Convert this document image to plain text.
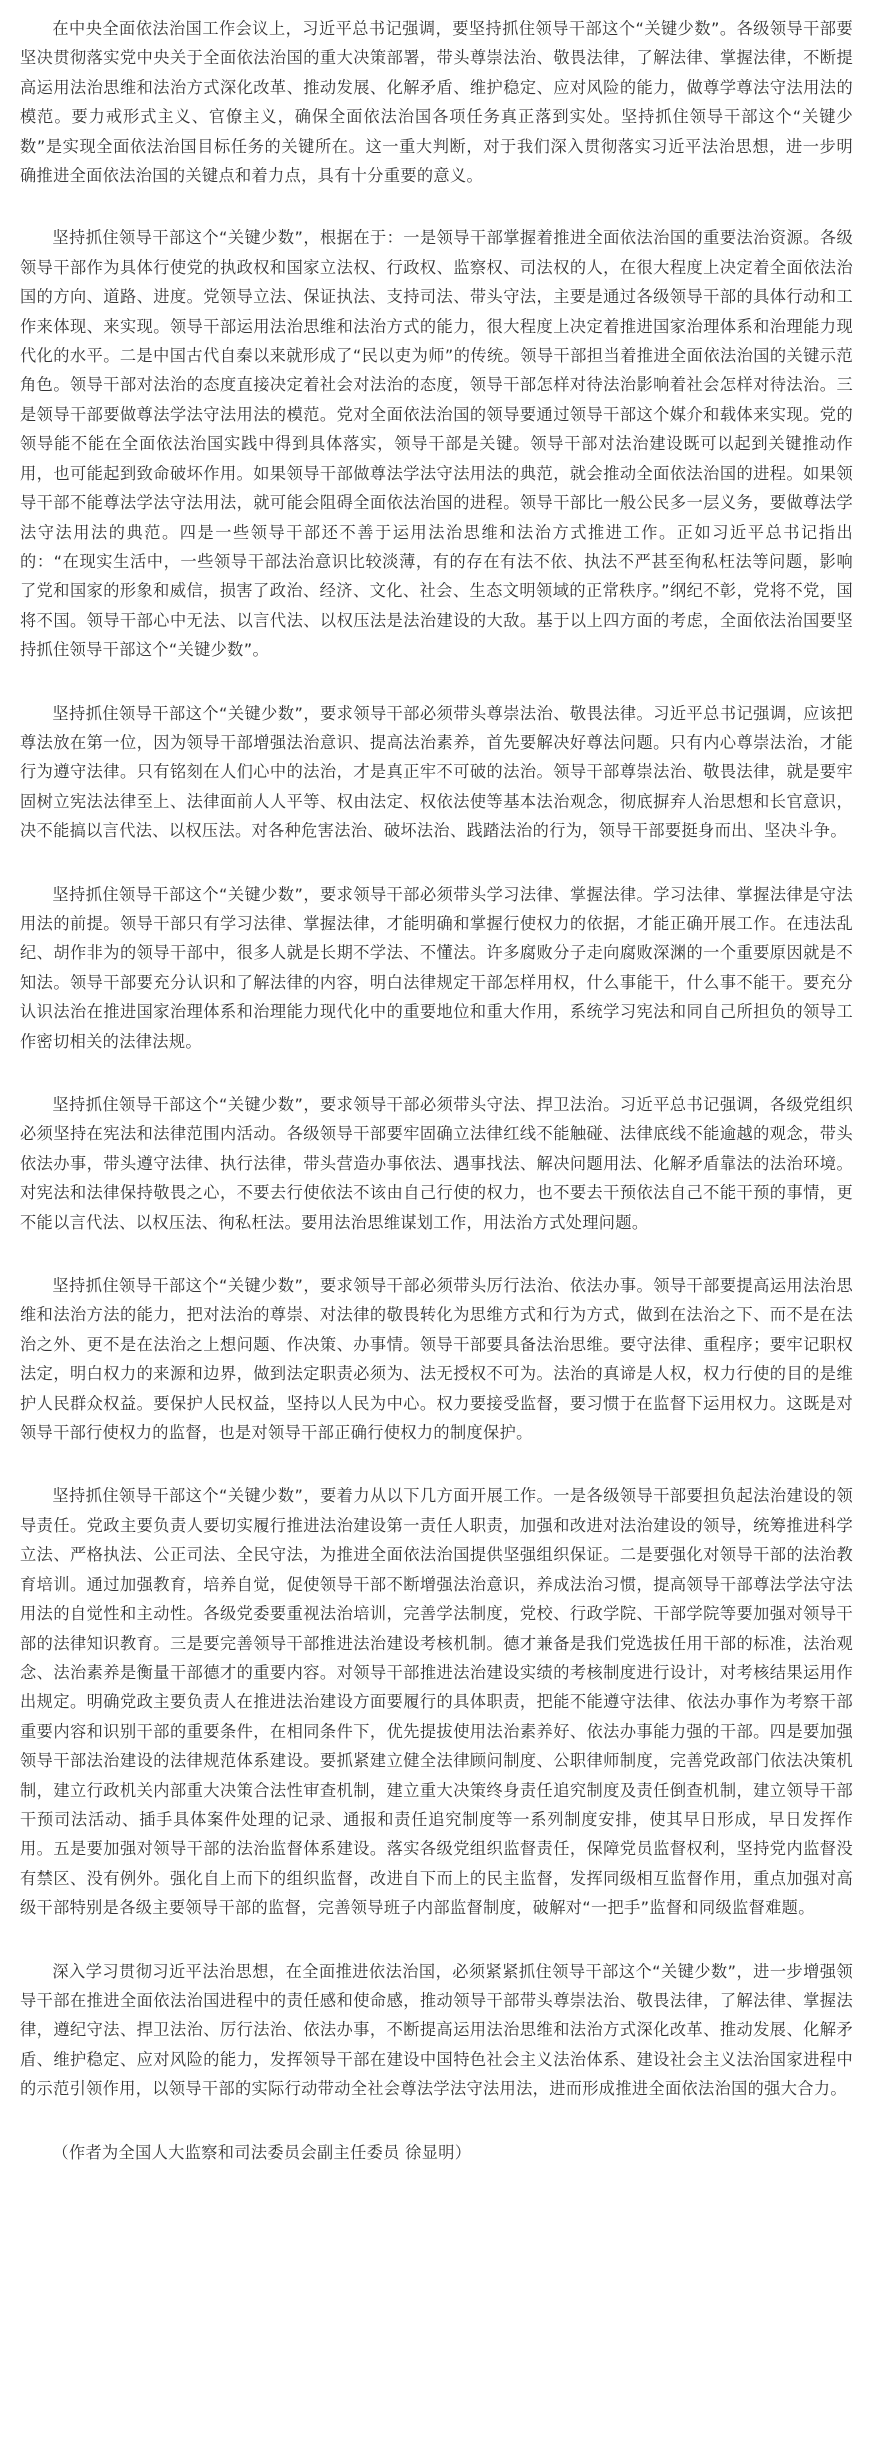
在中央全面依法治国工作会议上，习近平总书记强调，要坚持抓住领导干部这个“关键少数”。各级领导干部要坚决贯彻落实党中央关于全面依法治国的重大决策部署，带头尊崇法治、敬畏法律，了解法律、掌握法律，不断提高运用法治思维和法治方式深化改革、推动发展、化解矛盾、维护稳定、应对风险的能力，做尊学尊法守法用法的模范。要力戒形式主义、官僚主义，确保全面依法治国各项任务真正落到实处。坚持抓住领导干部这个“关键少数”是实现全面依法治国目标任务的关键所在。这一重大判断，对于我们深入贯彻落实习近平法治思想，进一步明确推进全面依法治国的关键点和着力点，具有十分重要的意义。

坚持抓住领导干部这个“关键少数”，根据在于：一是领导干部掌握着推进全面依法治国的重要法治资源。各级领导干部作为具体行使党的执政权和国家立法权、行政权、监察权、司法权的人，在很大程度上决定着全面依法治国的方向、道路、进度。党领导立法、保证执法、支持司法、带头守法，主要是通过各级领导干部的具体行动和工作来体现、来实现。领导干部运用法治思维和法治方式的能力，很大程度上决定着推进国家治理体系和治理能力现代化的水平。二是中国古代自秦以来就形成了“民以吏为师”的传统。领导干部担当着推进全面依法治国的关键示范角色。领导干部对法治的态度直接决定着社会对法治的态度，领导干部怎样对待法治影响着社会怎样对待法治。三是领导干部要做尊法学法守法用法的模范。党对全面依法治国的领导要通过领导干部这个媒介和载体来实现。党的领导能不能在全面依法治国实践中得到具体落实，领导干部是关键。领导干部对法治建设既可以起到关键推动作用，也可能起到致命破坏作用。如果领导干部做尊法学法守法用法的典范，就会推动全面依法治国的进程。如果领导干部不能尊法学法守法用法，就可能会阻碍全面依法治国的进程。领导干部比一般公民多一层义务，要做尊法学法守法用法的典范。四是一些领导干部还不善于运用法治思维和法治方式推进工作。正如习近平总书记指出的：“在现实生活中，一些领导干部法治意识比较淡薄，有的存在有法不依、执法不严甚至徇私枉法等问题，影响了党和国家的形象和威信，损害了政治、经济、文化、社会、生态文明领域的正常秩序。”纲纪不彰，党将不党，国将不国。领导干部心中无法、以言代法、以权压法是法治建设的大敌。基于以上四方面的考虑，全面依法治国要坚持抓住领导干部这个“关键少数”。

坚持抓住领导干部这个“关键少数”，要求领导干部必须带头尊崇法治、敬畏法律。习近平总书记强调，应该把尊法放在第一位，因为领导干部增强法治意识、提高法治素养，首先要解决好尊法问题。只有内心尊崇法治，才能行为遵守法律。只有铭刻在人们心中的法治，才是真正牢不可破的法治。领导干部尊崇法治、敬畏法律，就是要牢固树立宪法法律至上、法律面前人人平等、权由法定、权依法使等基本法治观念，彻底摒弃人治思想和长官意识，决不能搞以言代法、以权压法。对各种危害法治、破坏法治、践踏法治的行为，领导干部要挺身而出、坚决斗争。

坚持抓住领导干部这个“关键少数”，要求领导干部必须带头学习法律、掌握法律。学习法律、掌握法律是守法用法的前提。领导干部只有学习法律、掌握法律，才能明确和掌握行使权力的依据，才能正确开展工作。在违法乱纪、胡作非为的领导干部中，很多人就是长期不学法、不懂法。许多腐败分子走向腐败深渊的一个重要原因就是不知法。领导干部要充分认识和了解法律的内容，明白法律规定干部怎样用权，什么事能干，什么事不能干。要充分认识法治在推进国家治理体系和治理能力现代化中的重要地位和重大作用，系统学习宪法和同自己所担负的领导工作密切相关的法律法规。

坚持抓住领导干部这个“关键少数”，要求领导干部必须带头守法、捍卫法治。习近平总书记强调，各级党组织必须坚持在宪法和法律范围内活动。各级领导干部要牢固确立法律红线不能触碰、法律底线不能逾越的观念，带头依法办事，带头遵守法律、执行法律，带头营造办事依法、遇事找法、解决问题用法、化解矛盾靠法的法治环境。对宪法和法律保持敬畏之心，不要去行使依法不该由自己行使的权力，也不要去干预依法自己不能干预的事情，更不能以言代法、以权压法、徇私枉法。要用法治思维谋划工作，用法治方式处理问题。

坚持抓住领导干部这个“关键少数”，要求领导干部必须带头厉行法治、依法办事。领导干部要提高运用法治思维和法治方法的能力，把对法治的尊崇、对法律的敬畏转化为思维方式和行为方式，做到在法治之下、而不是在法治之外、更不是在法治之上想问题、作决策、办事情。领导干部要具备法治思维。要守法律、重程序；要牢记职权法定，明白权力的来源和边界，做到法定职责必须为、法无授权不可为。法治的真谛是人权，权力行使的目的是维护人民群众权益。要保护人民权益，坚持以人民为中心。权力要接受监督，要习惯于在监督下运用权力。这既是对领导干部行使权力的监督，也是对领导干部正确行使权力的制度保护。

坚持抓住领导干部这个“关键少数”，要着力从以下几方面开展工作。一是各级领导干部要担负起法治建设的领导责任。党政主要负责人要切实履行推进法治建设第一责任人职责，加强和改进对法治建设的领导，统筹推进科学立法、严格执法、公正司法、全民守法，为推进全面依法治国提供坚强组织保证。二是要强化对领导干部的法治教育培训。通过加强教育，培养自觉，促使领导干部不断增强法治意识，养成法治习惯，提高领导干部尊法学法守法用法的自觉性和主动性。各级党委要重视法治培训，完善学法制度，党校、行政学院、干部学院等要加强对领导干部的法律知识教育。三是要完善领导干部推进法治建设考核机制。德才兼备是我们党选拔任用干部的标准，法治观念、法治素养是衡量干部德才的重要内容。对领导干部推进法治建设实绩的考核制度进行设计，对考核结果运用作出规定。明确党政主要负责人在推进法治建设方面要履行的具体职责，把能不能遵守法律、依法办事作为考察干部重要内容和识别干部的重要条件，在相同条件下，优先提拔使用法治素养好、依法办事能力强的干部。四是要加强领导干部法治建设的法律规范体系建设。要抓紧建立健全法律顾问制度、公职律师制度，完善党政部门依法决策机制，建立行政机关内部重大决策合法性审查机制，建立重大决策终身责任追究制度及责任倒查机制，建立领导干部干预司法活动、插手具体案件处理的记录、通报和责任追究制度等一系列制度安排，使其早日形成，早日发挥作用。五是要加强对领导干部的法治监督体系建设。落实各级党组织监督责任，保障党员监督权利，坚持党内监督没有禁区、没有例外。强化自上而下的组织监督，改进自下而上的民主监督，发挥同级相互监督作用，重点加强对高级干部特别是各级主要领导干部的监督，完善领导班子内部监督制度，破解对“一把手”监督和同级监督难题。

深入学习贯彻习近平法治思想，在全面推进依法治国，必须紧紧抓住领导干部这个“关键少数”，进一步增强领导干部在推进全面依法治国进程中的责任感和使命感，推动领导干部带头尊崇法治、敬畏法律，了解法律、掌握法律，遵纪守法、捍卫法治、厉行法治、依法办事，不断提高运用法治思维和法治方式深化改革、推动发展、化解矛盾、维护稳定、应对风险的能力，发挥领导干部在建设中国特色社会主义法治体系、建设社会主义法治国家进程中的示范引领作用，以领导干部的实际行动带动全社会尊法学法守法用法，进而形成推进全面依法治国的强大合力。

（作者为全国人大监察和司法委员会副主任委员 徐显明）
